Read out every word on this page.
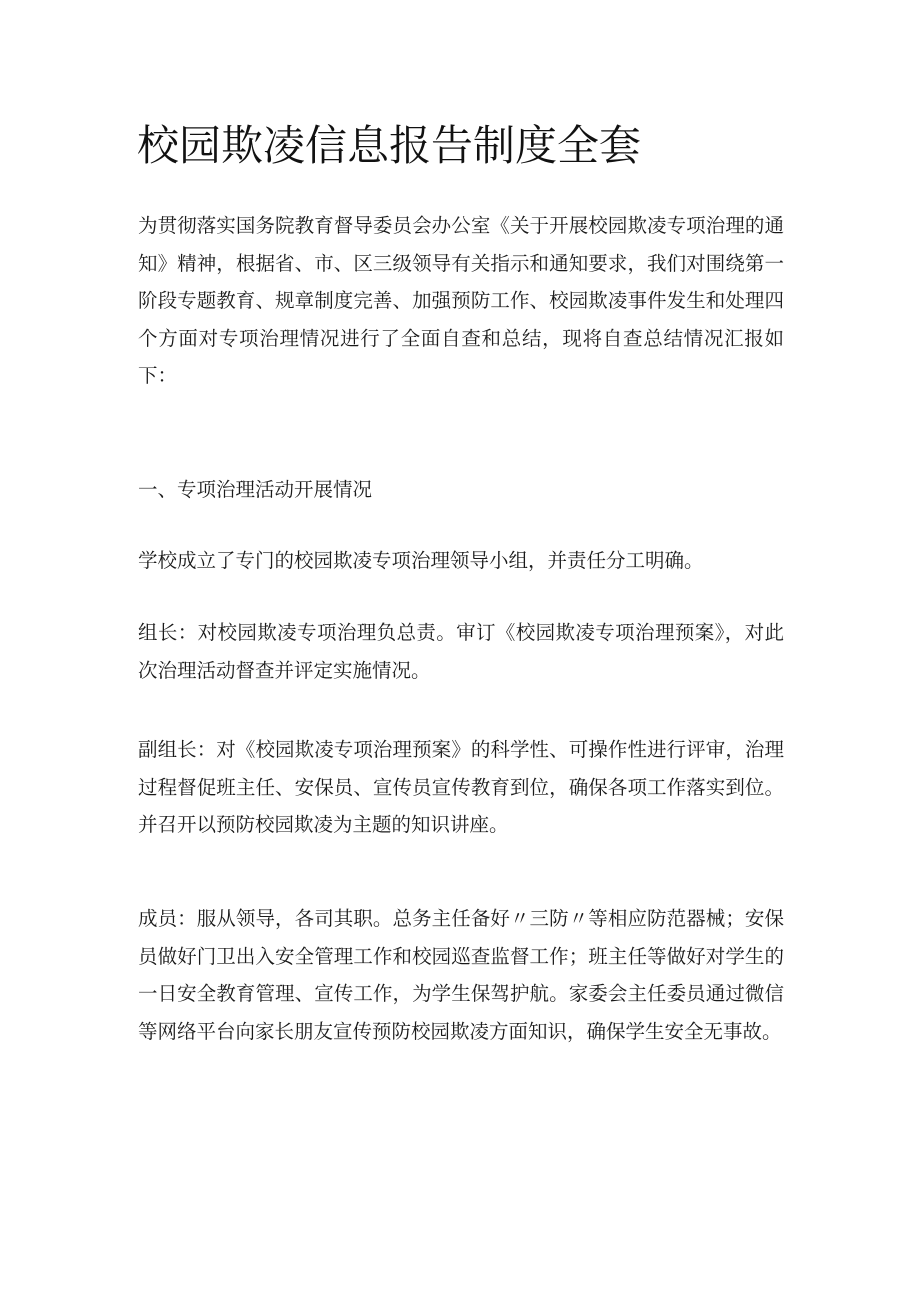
校园欺凌信息报告制度全套

为贯彻落实国务院教育督导委员会办公室《关于开展校园欺凌专项治理的通知》精神，根据省、市、区三级领导有关指示和通知要求，我们对围绕第一阶段专题教育、规章制度完善、加强预防工作、校园欺凌事件发生和处理四个方面对专项治理情况进行了全面自查和总结，现将自查总结情况汇报如下：

一、专项治理活动开展情况

学校成立了专门的校园欺凌专项治理领导小组，并责任分工明确。

组长：对校园欺凌专项治理负总责。审订《校园欺凌专项治理预案》，对此次治理活动督查并评定实施情况。

副组长：对《校园欺凌专项治理预案》的科学性、可操作性进行评审，治理过程督促班主任、安保员、宣传员宣传教育到位，确保各项工作落实到位。并召开以预防校园欺凌为主题的知识讲座。

成员：服从领导，各司其职。总务主任备好〃三防〃等相应防范器械；安保员做好门卫出入安全管理工作和校园巡查监督工作；班主任等做好对学生的一日安全教育管理、宣传工作，为学生保驾护航。家委会主任委员通过微信等网络平台向家长朋友宣传预防校园欺凌方面知识，确保学生安全无事故。
